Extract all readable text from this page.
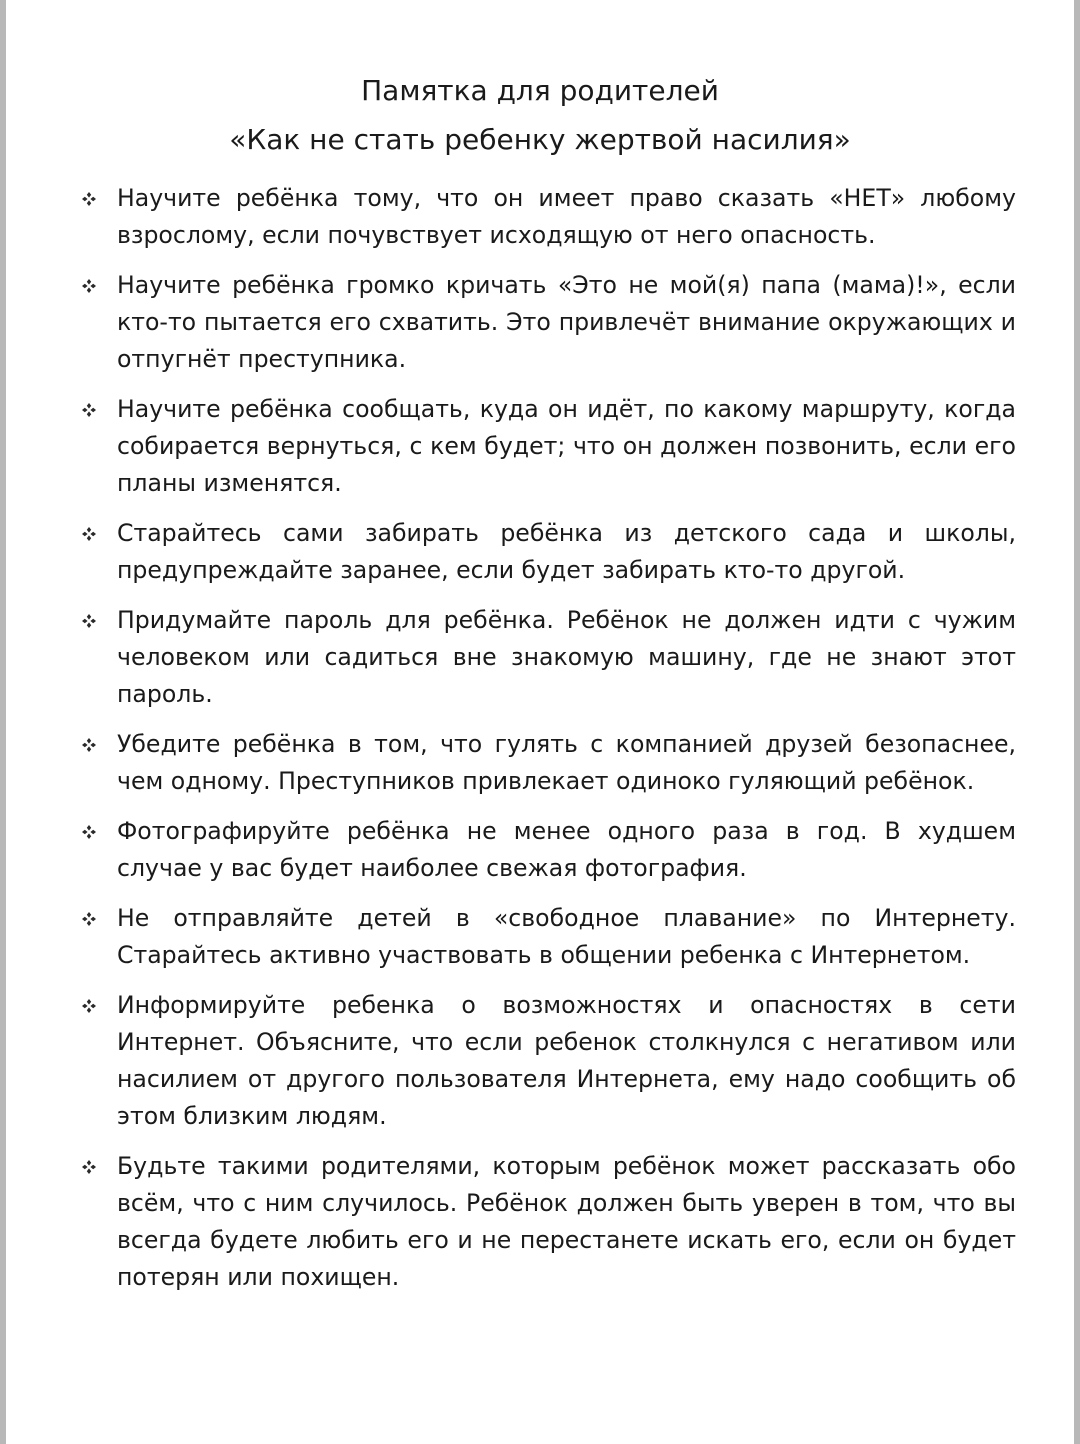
Памятка для родителей
«Как не стать ребенку жертвой насилия»
Научите ребёнка тому, что он имеет право сказать «НЕТ» любому взрослому, если почувствует исходящую от него опасность.
Научите ребёнка громко кричать «Это не мой(я) папа (мама)!», если кто-то пытается его схватить. Это привлечёт внимание окружающих и отпугнёт преступника.
Научите ребёнка сообщать, куда он идёт, по какому маршруту, когда собирается вернуться, с кем будет; что он должен позвонить, если его планы изменятся.
Старайтесь сами забирать ребёнка из детского сада и школы, предупреждайте заранее, если будет забирать кто-то другой.
Придумайте пароль для ребёнка. Ребёнок не должен идти с чужим человеком или садиться вне знакомую машину, где не знают этот пароль.
Убедите ребёнка в том, что гулять с компанией друзей безопаснее, чем одному. Преступников привлекает одиноко гуляющий ребёнок.
Фотографируйте ребёнка не менее одного раза в год. В худшем случае у вас будет наиболее свежая фотография.
Не отправляйте детей в «свободное плавание» по Интернету. Старайтесь активно участвовать в общении ребенка с Интернетом.
Информируйте ребенка о возможностях и опасностях в сети Интернет. Объясните, что если ребенок столкнулся с негативом или насилием от другого пользователя Интернета, ему надо сообщить об этом близким людям.
Будьте такими родителями, которым ребёнок может рассказать обо всём, что с ним случилось. Ребёнок должен быть уверен в том, что вы всегда будете любить его и не перестанете искать его, если он будет потерян или похищен.
